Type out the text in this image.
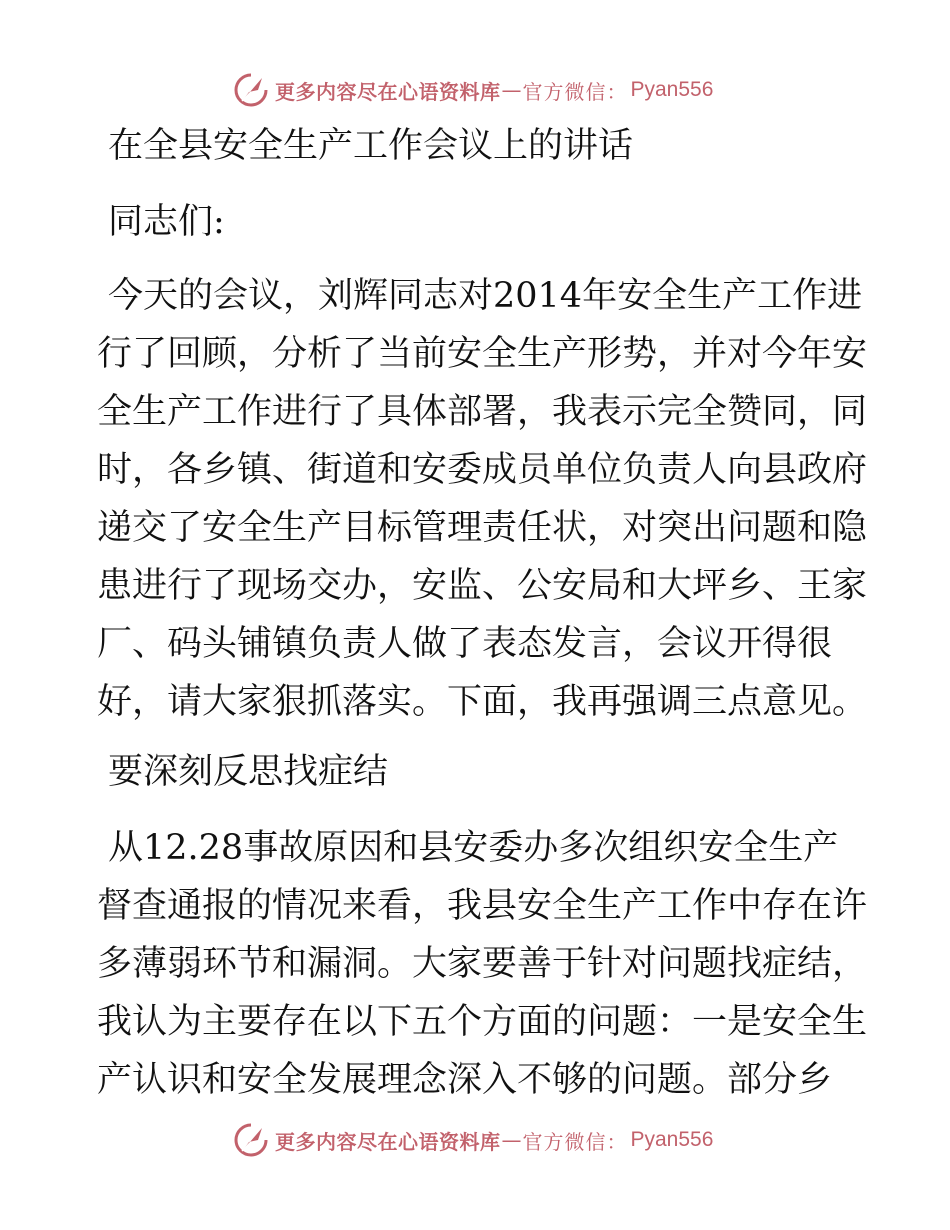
更多内容尽在心语资料库 — 官方微信： Pyan556
在全县安全生产工作会议上的讲话
同志们:
今天的会议，刘辉同志对2014年安全生产工作进
行了回顾，分析了当前安全生产形势，并对今年安
全生产工作进行了具体部署，我表示完全赞同，同
时，各乡镇、街道和安委成员单位负责人向县政府
递交了安全生产目标管理责任状，对突出问题和隐
患进行了现场交办，安监、公安局和大坪乡、王家
厂、码头铺镇负责人做了表态发言，会议开得很
好，请大家狠抓落实。下面，我再强调三点意见。
要深刻反思找症结
从12.28事故原因和县安委办多次组织安全生产
督查通报的情况来看，我县安全生产工作中存在许
多薄弱环节和漏洞。大家要善于针对问题找症结，
我认为主要存在以下五个方面的问题：一是安全生
产认识和安全发展理念深入不够的问题。部分乡
更多内容尽在心语资料库 — 官方微信： Pyan556
